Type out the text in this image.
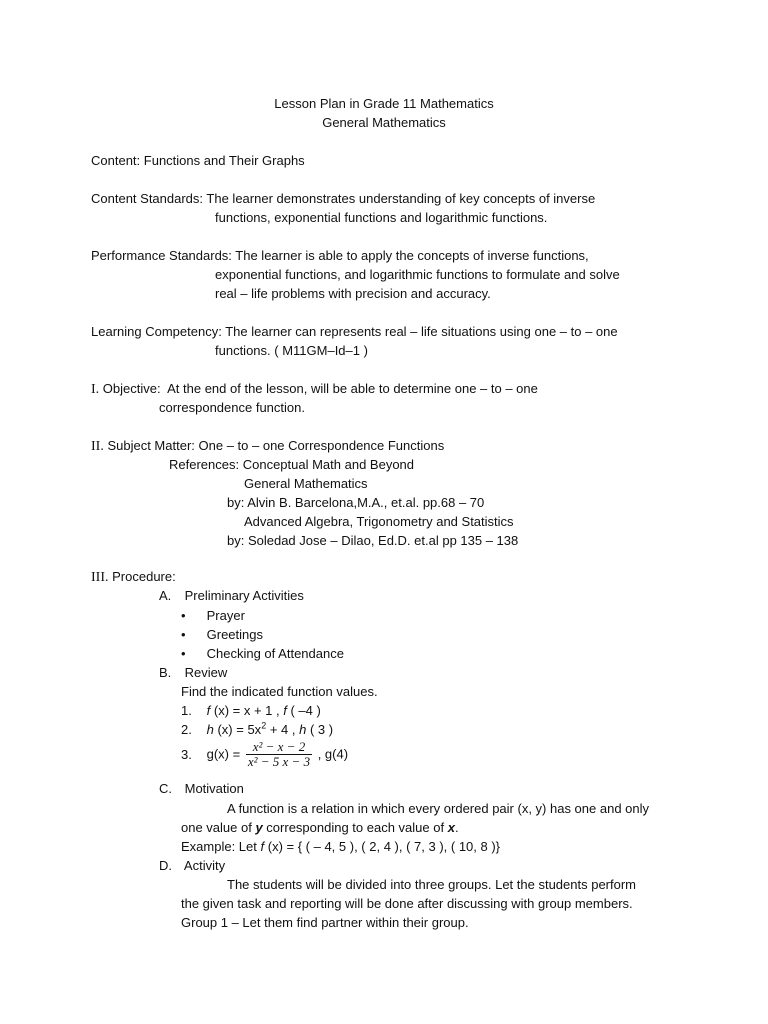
Lesson Plan in Grade 11 Mathematics
General Mathematics
Content: Functions and Their Graphs
Content Standards: The learner demonstrates understanding of key concepts of inverse
functions, exponential functions and logarithmic functions.
Performance Standards: The learner is able to apply the concepts of inverse functions,
exponential functions, and logarithmic functions to formulate and solve
real – life problems with precision and accuracy.
Learning Competency: The learner can represents real – life situations using one – to – one
functions. ( M11GM–Id–1 )
I. Objective: At the end of the lesson, will be able to determine one – to – one
correspondence function.
II. Subject Matter: One – to – one Correspondence Functions
References: Conceptual Math and Beyond
General Mathematics
by: Alvin B. Barcelona,M.A., et.al. pp.68 – 70
Advanced Algebra, Trigonometry and Statistics
by: Soledad Jose – Dilao, Ed.D. et.al pp 135 – 138
III. Procedure:
A. Preliminary Activities
• Prayer
• Greetings
• Checking of Attendance
B. Review
Find the indicated function values.
1. f (x) = x + 1 , f ( –4 )
2. h $(x) = 5x^2 + 4$ , h ( 3 )
3. $g(x) = \frac{\text{x² − x − 2}}{\text{x² − 5 x − 3}}$ , g(4)
C. Motivation
A function is a relation in which every ordered pair (x, y) has one and only
one value of y corresponding to each value of x.
Example: Let f (x) = { ( – 4, 5 ), ( 2, 4 ), ( 7, 3 ), ( 10, 8 )}
D. Activity
The students will be divided into three groups. Let the students perform
the given task and reporting will be done after discussing with group members.
Group 1 – Let them find partner within their group.
